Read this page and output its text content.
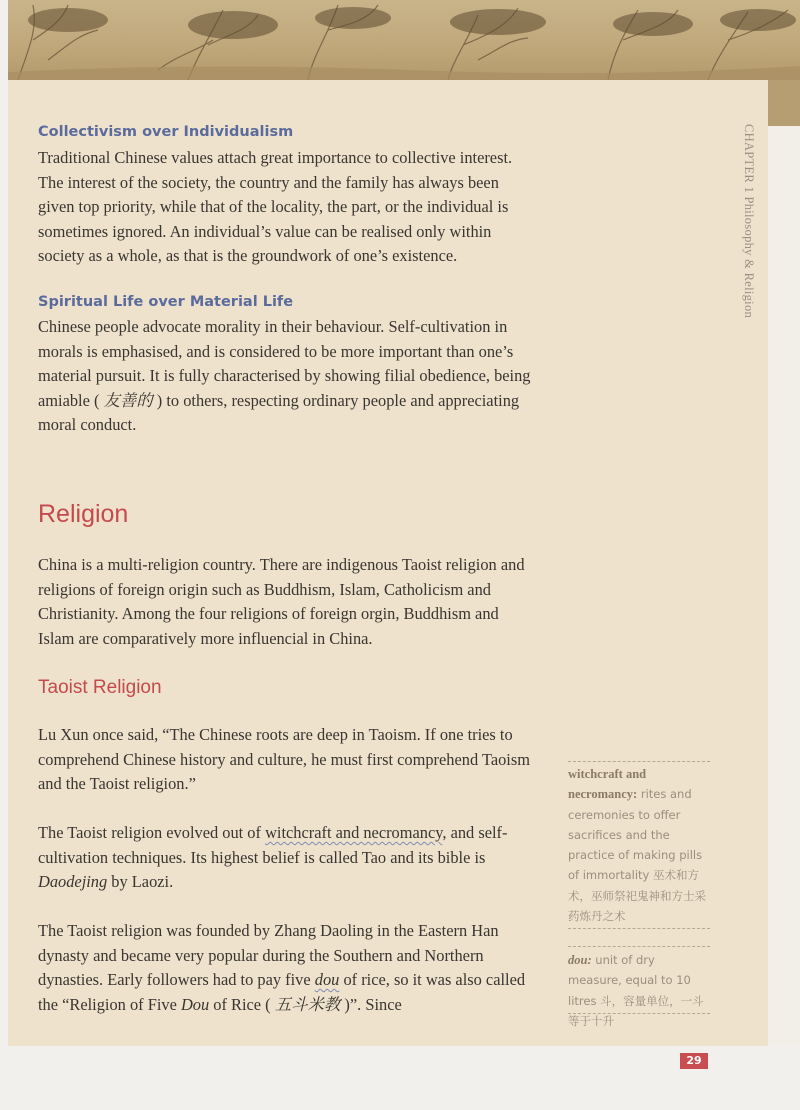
CHAPTER 1 Philosophy & Religion
Collectivism over Individualism

Traditional Chinese values attach great importance to collective interest. The interest of the society, the country and the family has always been given top priority, while that of the locality, the part, or the individual is sometimes ignored. An individual’s value can be realised only within society as a whole, as that is the groundwork of one’s existence.

Spiritual Life over Material Life

Chinese people advocate morality in their behaviour. Self-cultivation in morals is emphasised, and is considered to be more important than one’s material pursuit. It is fully characterised by showing filial obedience, being amiable ( 友善的 ) to others, respecting ordinary people and appreciating moral conduct.

Religion

China is a multi-religion country. There are indigenous Taoist religion and religions of foreign origin such as Buddhism, Islam, Catholicism and Christianity. Among the four religions of foreign orgin, Buddhism and Islam are comparatively more influencial in China.

Taoist Religion

Lu Xun once said, “The Chinese roots are deep in Taoism. If one tries to comprehend Chinese history and culture, he must first comprehend Taoism and the Taoist religion.”

The Taoist religion evolved out of witchcraft and necromancy, and self-cultivation techniques. Its highest belief is called Tao and its bible is Daodejing by Laozi.

The Taoist religion was founded by Zhang Daoling in the Eastern Han dynasty and became very popular during the Southern and Northern dynasties. Early followers had to pay five dou of rice, so it was also called the “Religion of Five Dou of Rice ( 五斗米教 )”. Since

witchcraft and necromancy: rites and ceremonies to offer sacrifices and the practice of making pills of immortality 巫术和方术，巫师祭祀鬼神和方士采药炼丹之术
dou: unit of dry measure, equal to 10 litres 斗，容量单位，一斗等于十升
29
